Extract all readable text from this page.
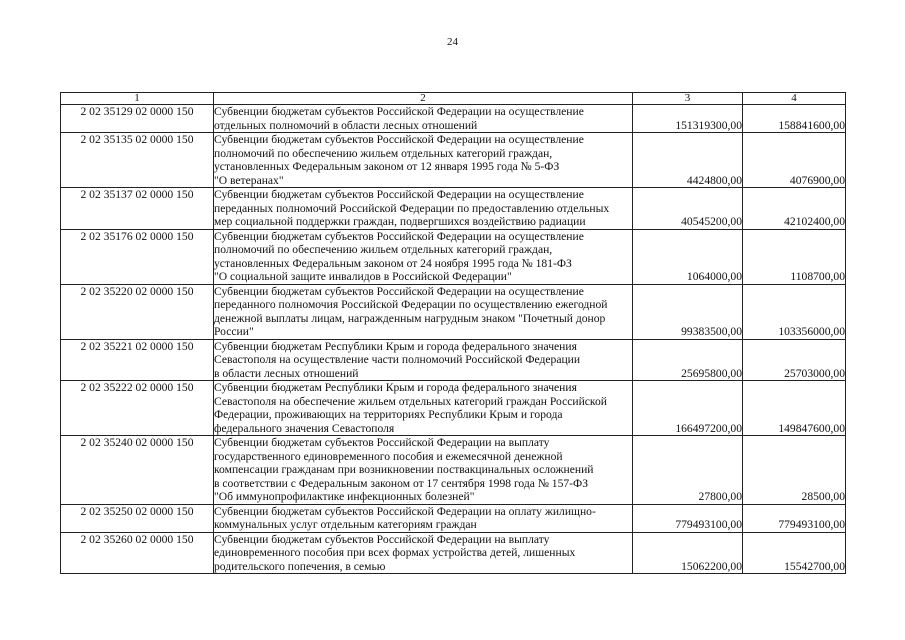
24
1	2	3	4
2 02 35129 02 0000 150	Субвенции бюджетам субъектов Российской Федерации на осуществление
отдельных полномочий в области лесных отношений	151319300,00	158841600,00
2 02 35135 02 0000 150	Субвенции бюджетам субъектов Российской Федерации на осуществление
полномочий по обеспечению жильем отдельных категорий граждан,
установленных Федеральным законом от 12 января 1995 года № 5-ФЗ
"О ветеранах"	4424800,00	4076900,00
2 02 35137 02 0000 150	Субвенции бюджетам субъектов Российской Федерации на осуществление
переданных полномочий Российской Федерации по предоставлению отдельных
мер социальной поддержки граждан, подвергшихся воздействию радиации	40545200,00	42102400,00
2 02 35176 02 0000 150	Субвенции бюджетам субъектов Российской Федерации на осуществление
полномочий по обеспечению жильем отдельных категорий граждан,
установленных Федеральным законом от 24 ноября 1995 года № 181-ФЗ
"О социальной защите инвалидов в Российской Федерации"	1064000,00	1108700,00
2 02 35220 02 0000 150	Субвенции бюджетам субъектов Российской Федерации на осуществление
переданного полномочия Российской Федерации по осуществлению ежегодной
денежной выплаты лицам, награжденным нагрудным знаком "Почетный донор
России"	99383500,00	103356000,00
2 02 35221 02 0000 150	Субвенции бюджетам Республики Крым и города федерального значения
Севастополя на осуществление части полномочий Российской Федерации
в области лесных отношений	25695800,00	25703000,00
2 02 35222 02 0000 150	Субвенции бюджетам Республики Крым и города федерального значения
Севастополя на обеспечение жильем отдельных категорий граждан Российской
Федерации, проживающих на территориях Республики Крым и города
федерального значения Севастополя	166497200,00	149847600,00
2 02 35240 02 0000 150	Субвенции бюджетам субъектов Российской Федерации на выплату
государственного единовременного пособия и ежемесячной денежной
компенсации гражданам при возникновении поствакцинальных осложнений
в соответствии с Федеральным законом от 17 сентября 1998 года № 157-ФЗ
"Об иммунопрофилактике инфекционных болезней"	27800,00	28500,00
2 02 35250 02 0000 150	Субвенции бюджетам субъектов Российской Федерации на оплату жилищно-
коммунальных услуг отдельным категориям граждан	779493100,00	779493100,00
2 02 35260 02 0000 150	Субвенции бюджетам субъектов Российской Федерации на выплату
единовременного пособия при всех формах устройства детей, лишенных
родительского попечения, в семью	15062200,00	15542700,00
